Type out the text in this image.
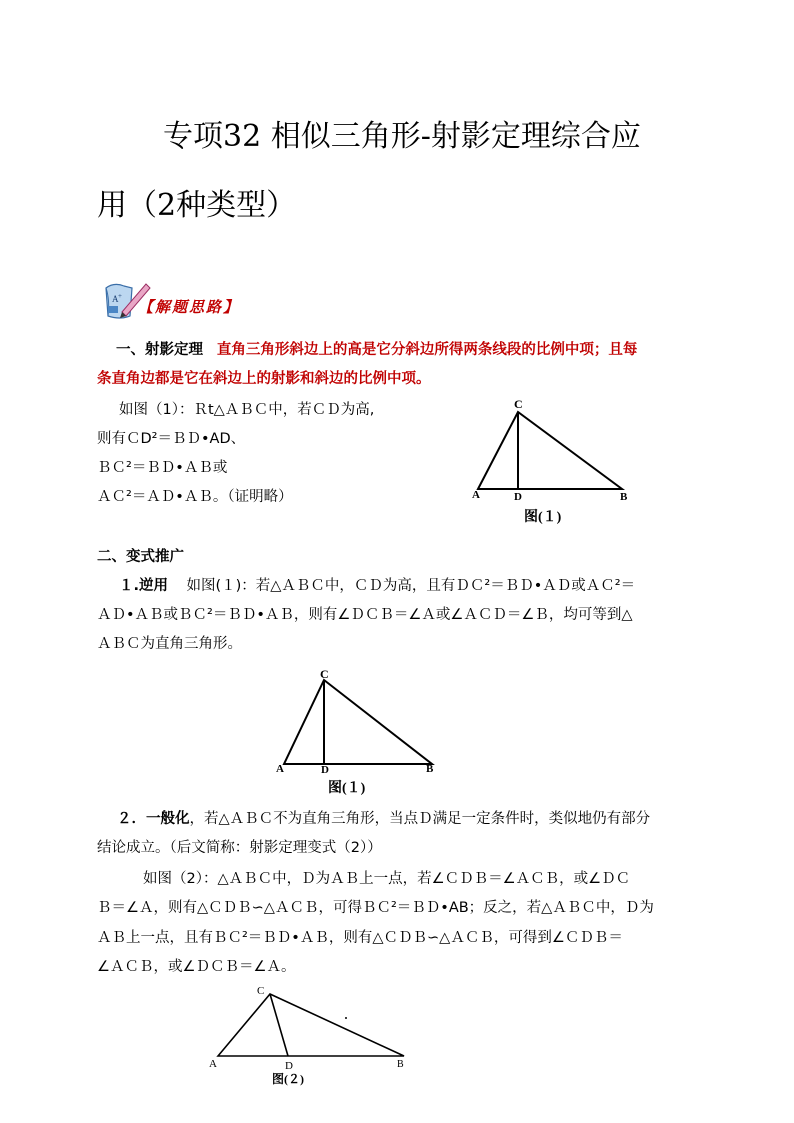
专项32 相似三角形-射影定理综合应
用（2种类型）
A +
【解题思路】
一、射影定理 直角三角形斜边上的高是它分斜边所得两条线段的比例中项；且每
条直角边都是它在斜边上的射影和斜边的比例中项。
如图（1）：Ｒt△ＡＢＣ中，若ＣＤ为高,
则有ＣD²＝ＢＤ•AD、
ＢＣ²＝ＢＤ•ＡＢ或
ＡＣ²＝ＡＤ•ＡＢ。（证明略）
C
A	D	B
图(１)
二、变式推广
１.逆用 如图(１)：若△ＡＢＣ中，ＣＤ为高，且有ＤＣ²＝ＢＤ•ＡＤ或ＡＣ²＝
ＡＤ•ＡＢ或ＢＣ²＝ＢＤ•ＡＢ，则有∠ＤＣＢ＝∠Ａ或∠ＡＣＤ＝∠Ｂ，均可等到△
ＡＢＣ为直角三角形。
C
A	D	B
图(１)
２．一般化，若△ＡＢＣ不为直角三角形，当点Ｄ满足一定条件时，类似地仍有部分
结论成立。（后文简称：射影定理变式（2））
如图（2）：△ＡＢＣ中，Ｄ为ＡＢ上一点，若∠ＣＤＢ＝∠ＡＣＢ，或∠ＤＣ
Ｂ＝∠Ａ，则有△ＣＤＢ∽△ＡＣＢ，可得ＢＣ²＝ＢＤ•AB；反之，若△ＡＢＣ中，Ｄ为
ＡＢ上一点，且有ＢＣ²＝ＢＤ•ＡＢ，则有△ＣＤＢ∽△ＡＣＢ，可得到∠ＣＤＢ＝
∠ＡＣＢ，或∠ＤＣＢ＝∠Ａ。
C
A	D	B
图(２)
